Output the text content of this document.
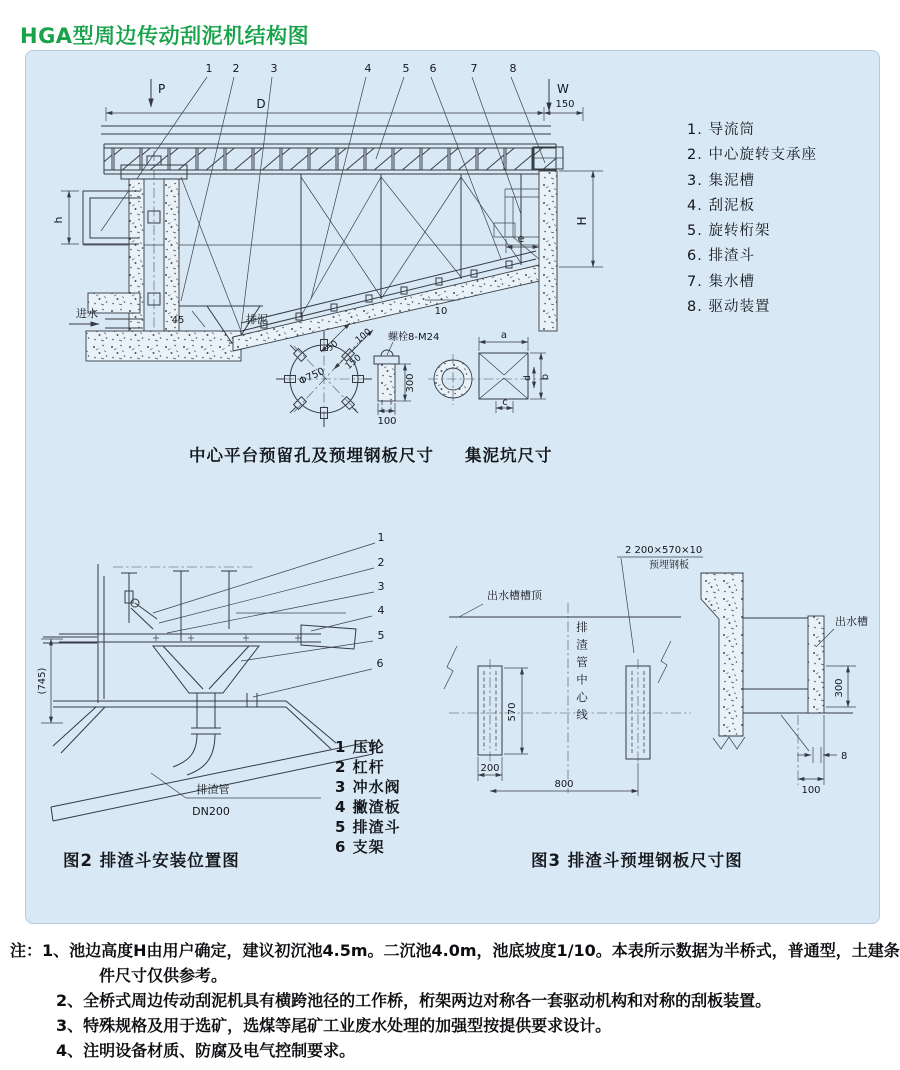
HGA型周边传动刮泥机结构图
D	150
P	W
1 2	3	4	5 6	7	8
h
进水
45	排泥
10
e
H
1. 导流筒
2. 中心旋转支承座
3. 集泥槽
4. 刮泥板
5. 旋转桁架
6. 排渣斗
7. 集水槽
8. 驱动装置
Φ750
50
100
150
螺栓8-M24
300
100
中心平台预留孔及预埋钢板尺寸
a
b
d
c
集泥坑尺寸
(745)
1
2
3
4
5
6
排渣管
DN200
1 压轮
2 杠杆
3 冲水阀
4 撇渣板
5 排渣斗
6 支架
图2 排渣斗安装位置图
2 200×570×10
预埋钢板
出水槽槽顶
排渣管中心线
570
200
800
出水槽
300
8
100
图3 排渣斗预埋钢板尺寸图

注：1、池边高度H由用户确定，建议初沉池4.5m。二沉池4.0m，池底坡度1/10。本表所示数据为半桥式，普通型，土建条

件尺寸仅供参考。

2、全桥式周边传动刮泥机具有横跨池径的工作桥，桁架两边对称各一套驱动机构和对称的刮板装置。

3、特殊规格及用于选矿，选煤等尾矿工业废水处理的加强型按提供要求设计。

4、注明设备材质、防腐及电气控制要求。
